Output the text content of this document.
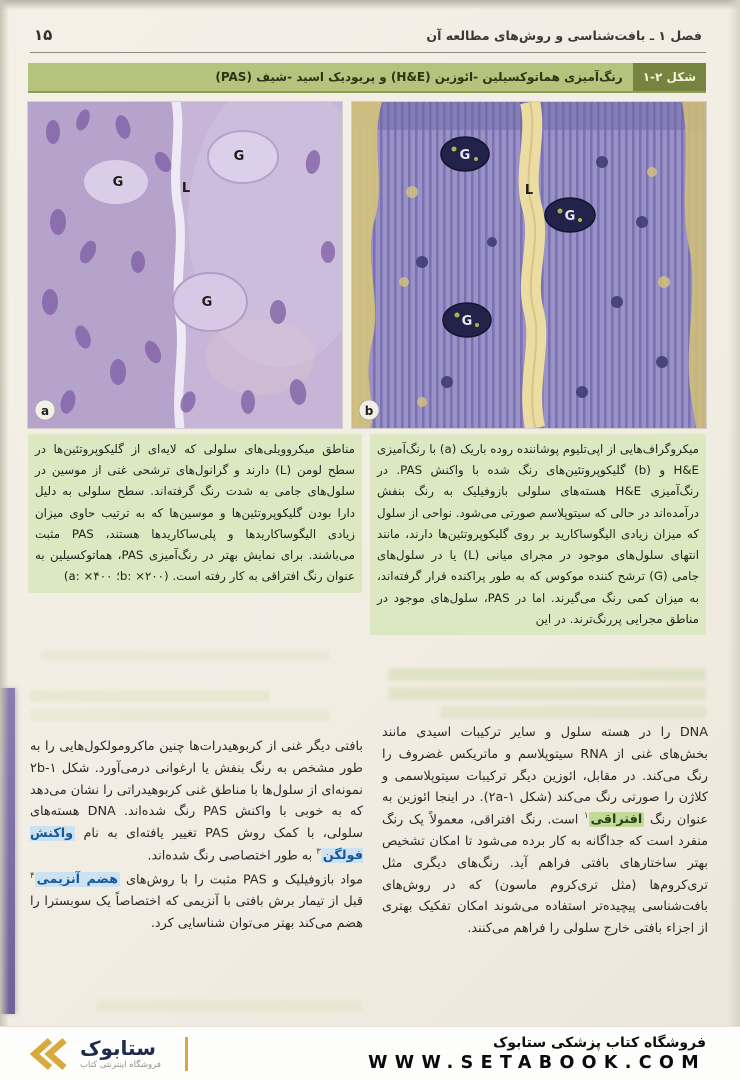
فصل ۱ ـ بافت‌شناسی و روش‌های مطالعه آن
۱۵
شکل ۲-۱
رنگ‌آمیزی هماتوکسیلین -ائوزین (H&E) و پریودیک اسید -شیف (PAS)
G	L
G
G
a
G
G
G
L
b
میکروگراف‌هایی از اپی‌تلیوم پوشاننده روده باریک (a) با رنگ‌آمیزی H&E و (b) گلیکوپروتئین‌های رنگ شده با واکنش PAS. در رنگ‌آمیزی H&E هسته‌های سلولی بازوفیلیک به رنگ بنفش درآمده‌اند در حالی که سیتوپلاسم صورتی می‌شود. نواحی از سلول که میزان زیادی الیگوساکارید بر روی گلیکوپروتئین‌ها دارند، مانند انتهای سلول‌های موجود در مجرای میانی (L) یا در سلول‌های جامی (G) ترشح کننده موکوس که به طور پراکنده قرار گرفته‌اند، به میزان کمی رنگ می‌گیرند. اما در PAS، سلول‌های موجود در مناطق مجرایی پررنگ‌ترند. در این
مناطق میکروویلی‌های سلولی که لایه‌ای از گلیکوپروتئین‌ها در سطح لومن (L) دارند و گرانول‌های ترشحی غنی از موسین در سلول‌های جامی به شدت رنگ گرفته‌اند. سطح سلولی به دلیل دارا بودن گلیکوپروتئین‌ها و موسین‌ها که به ترتیب حاوی میزان زیادی الیگوساکاریدها و پلی‌ساکاریدها هستند، PAS مثبت می‌باشند. برای نمایش بهتر در رنگ‌آمیزی PAS، هماتوکسیلین به عنوان رنگ افتراقی به کار رفته است. (b: ×۲۰۰؛ a: ×۴۰۰)

DNA را در هسته سلول و سایر ترکیبات اسیدی مانند بخش‌های غنی از RNA سیتوپلاسم و ماتریکس غضروف را رنگ می‌کند. در مقابل، ائوزین دیگر ترکیبات سیتوپلاسمی و کلاژن را صورتی رنگ می‌کند (شکل ۲a-۱). در اینجا ائوزین به عنوان رنگ افتراقی$^۱$ است. رنگ افتراقی، معمولاً یک رنگ منفرد است که جداگانه به کار برده می‌شود تا امکان تشخیص بهتر ساختارهای بافتی فراهم آید. رنگ‌های دیگری مثل تری‌کروم‌ها (مثل تری‌کروم ماسون) که در روش‌های بافت‌شناسی پیچیده‌تر استفاده می‌شوند امکان تفکیک بهتری از اجزاء بافتی خارج سلولی را فراهم می‌کنند.

بافتی دیگر غنی از کربوهیدرات‌ها چنین ماکرومولکول‌هایی را به طور مشخص به رنگ بنفش یا ارغوانی درمی‌آورد. شکل ۲b-۱ نمونه‌ای از سلول‌ها با مناطق غنی کربوهیدراتی را نشان می‌دهد که به خوبی با واکنش PAS رنگ شده‌اند. DNA هسته‌های سلولی، با کمک روش PAS تغییر یافته‌ای به نام واکنش فولگن$^۳$ به طور اختصاصی رنگ شده‌اند.

مواد بازوفیلیک و PAS مثبت را با روش‌های هضم آنزیمی$^۴$ قبل از تیمار برش بافتی با آنزیمی که اختصاصاً یک سوبسترا را هضم می‌کند بهتر می‌توان شناسایی کرد.

ستابوک
فروشگاه اینترنتی کتاب
فروشگاه کتاب پزشکی ستابوک
WWW.SETABOOK.COM
